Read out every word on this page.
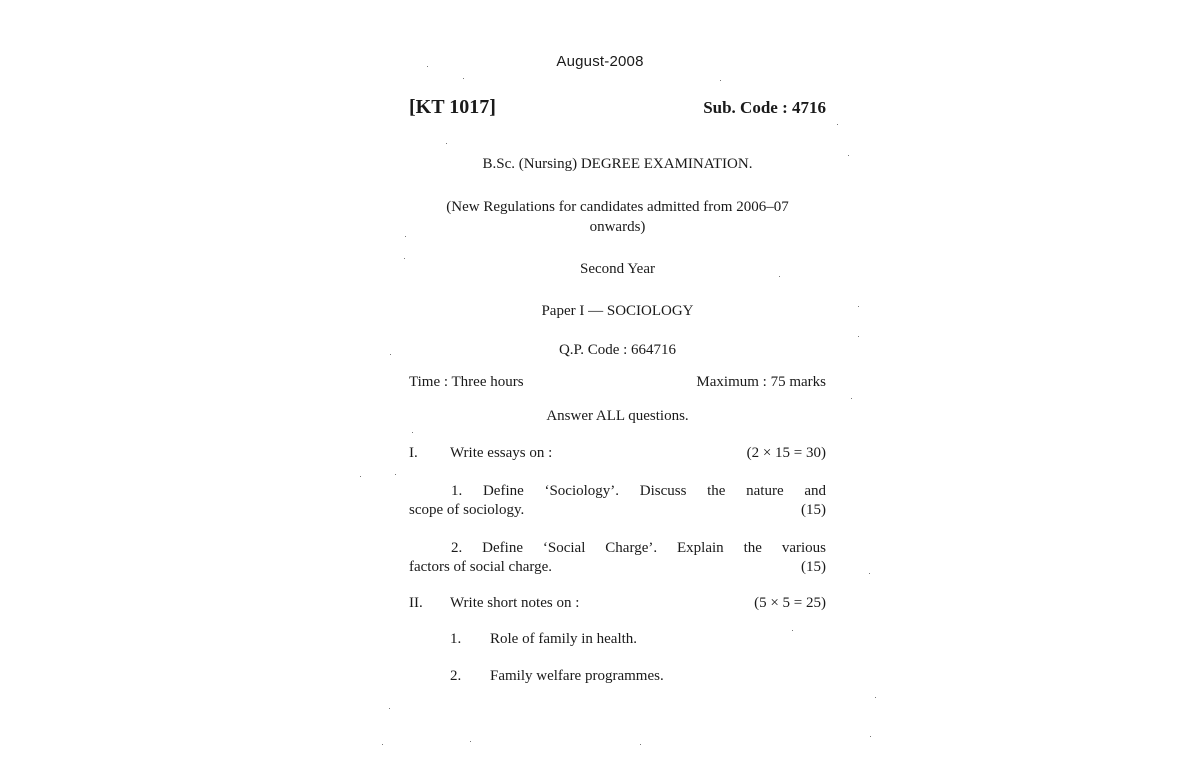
August-2008
[KT 1017]	Sub. Code : 4716
B.Sc. (Nursing) DEGREE EXAMINATION.
(New Regulations for candidates admitted from 2006–07
onwards)
Second Year
Paper I — SOCIOLOGY
Q.P. Code : 664716
Time : Three hours	Maximum : 75 marks
Answer ALL questions.
I. Write essays on :	(2 × 15 = 30)
1. Define ‘Sociology’. Discuss the nature and
scope of sociology.	(15)
2. Define ‘Social Charge’. Explain the various
factors of social charge.	(15)
II. Write short notes on :	(5 × 5 = 25)
1. Role of family in health.
2. Family welfare programmes.
